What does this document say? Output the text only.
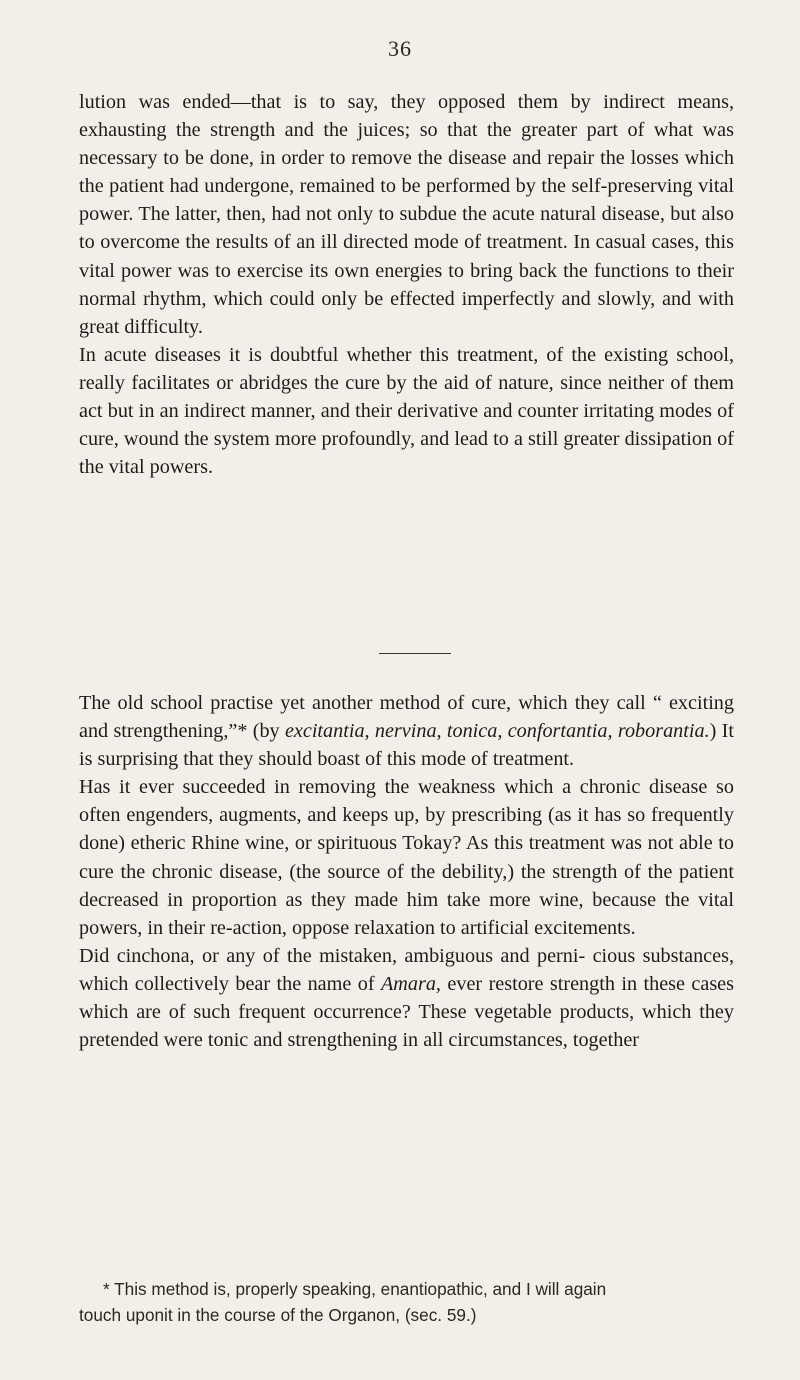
36

lution was ended—that is to say, they opposed them by indirect means, exhausting the strength and the juices; so that the greater part of what was necessary to be done, in order to remove the disease and repair the losses which the patient had undergone, remained to be performed by the self-preserving vital power. The latter, then, had not only to subdue the acute natural disease, but also to overcome the results of an ill directed mode of treatment. In casual cases, this vital power was to exercise its own energies to bring back the functions to their normal rhythm, which could only be effected imperfectly and slowly, and with great difficulty.

In acute diseases it is doubtful whether this treatment, of the existing school, really facilitates or abridges the cure by the aid of nature, since neither of them act but in an indirect manner, and their derivative and counter irritating modes of cure, wound the system more profoundly, and lead to a still greater dissipation of the vital powers.

The old school practise yet another method of cure, which they call “ exciting and strengthening,”* (by excitantia, nervina, tonica, confortantia, roborantia.) It is surprising that they should boast of this mode of treatment.

Has it ever succeeded in removing the weakness which a chronic disease so often engenders, augments, and keeps up, by prescribing (as it has so frequently done) etheric Rhine wine, or spirituous Tokay? As this treatment was not able to cure the chronic disease, (the source of the debility,) the strength of the patient decreased in proportion as they made him take more wine, because the vital powers, in their re-action, oppose relaxation to artificial excitements.

Did cinchona, or any of the mistaken, ambiguous and perni- cious substances, which collectively bear the name of Amara, ever restore strength in these cases which are of such frequent occurrence? These vegetable products, which they pretended were tonic and strengthening in all circumstances, together

* This method is, properly speaking, enantiopathic, and I will again
touch uponit in the course of the Organon, (sec. 59.)
